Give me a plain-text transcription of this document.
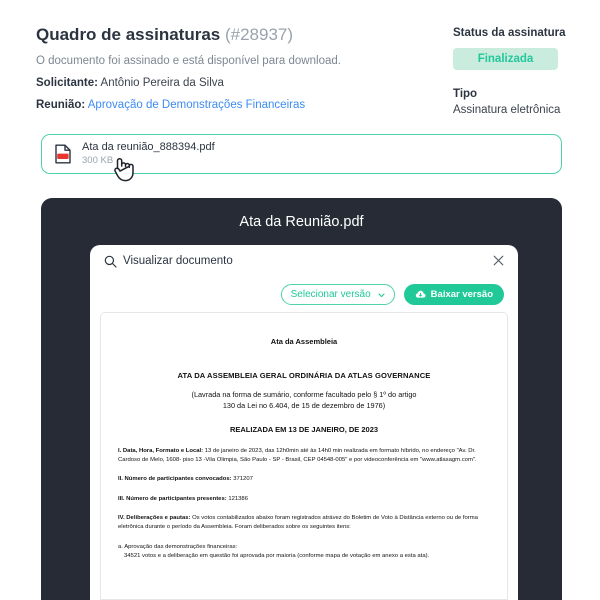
Quadro de assinaturas (#28937)
O documento foi assinado e está disponível para download.
Solicitante: Antônio Pereira da Silva
Reunião: Aprovação de Demonstrações Financeiras
Status da assinatura
Finalizada
Tipo
Assinatura eletrônica
Ata da reunião_888394.pdf
300 KB
Ata da Reunião.pdf
Visualizar documento
Selecionar versão	Baixar versão
Ata da Assembleia
ATA DA ASSEMBLEIA GERAL ORDINÁRIA DA ATLAS GOVERNANCE
(Lavrada na forma de sumário, conforme facultado pelo § 1º do artigo
130 da Lei no 6.404, de 15 de dezembro de 1976)
REALIZADA EM 13 DE JANEIRO, DE 2023
I. Data, Hora, Formato e Local: 13 de janeiro de 2023, das 12h0min até às 14h0 min realizada em formato híbrido, no endereço "Av. Dr. Cardoso de Melo, 1608- piso 13 -Vila Olimpia, São Paulo - SP - Brasil, CEP 04548-005" e por videoconferência em "www.atlasagm.com".
II. Número de participantes convocados: 371207
III. Número de participantes presentes: 121386
IV. Deliberações e pautas: Os votos contabilizados abaixo foram registrados atrávez do Boletim de Voto à Distância externo ou de forma eletrônica durante o período da Assembleia. Foram deliberados sobre os seguintes itens:
a. Aprovação das demonstrações financeiras:
34521 votos e a deliberação em questão foi aprovada por maioria (conforme mapa de votação em anexo a esta ata).
